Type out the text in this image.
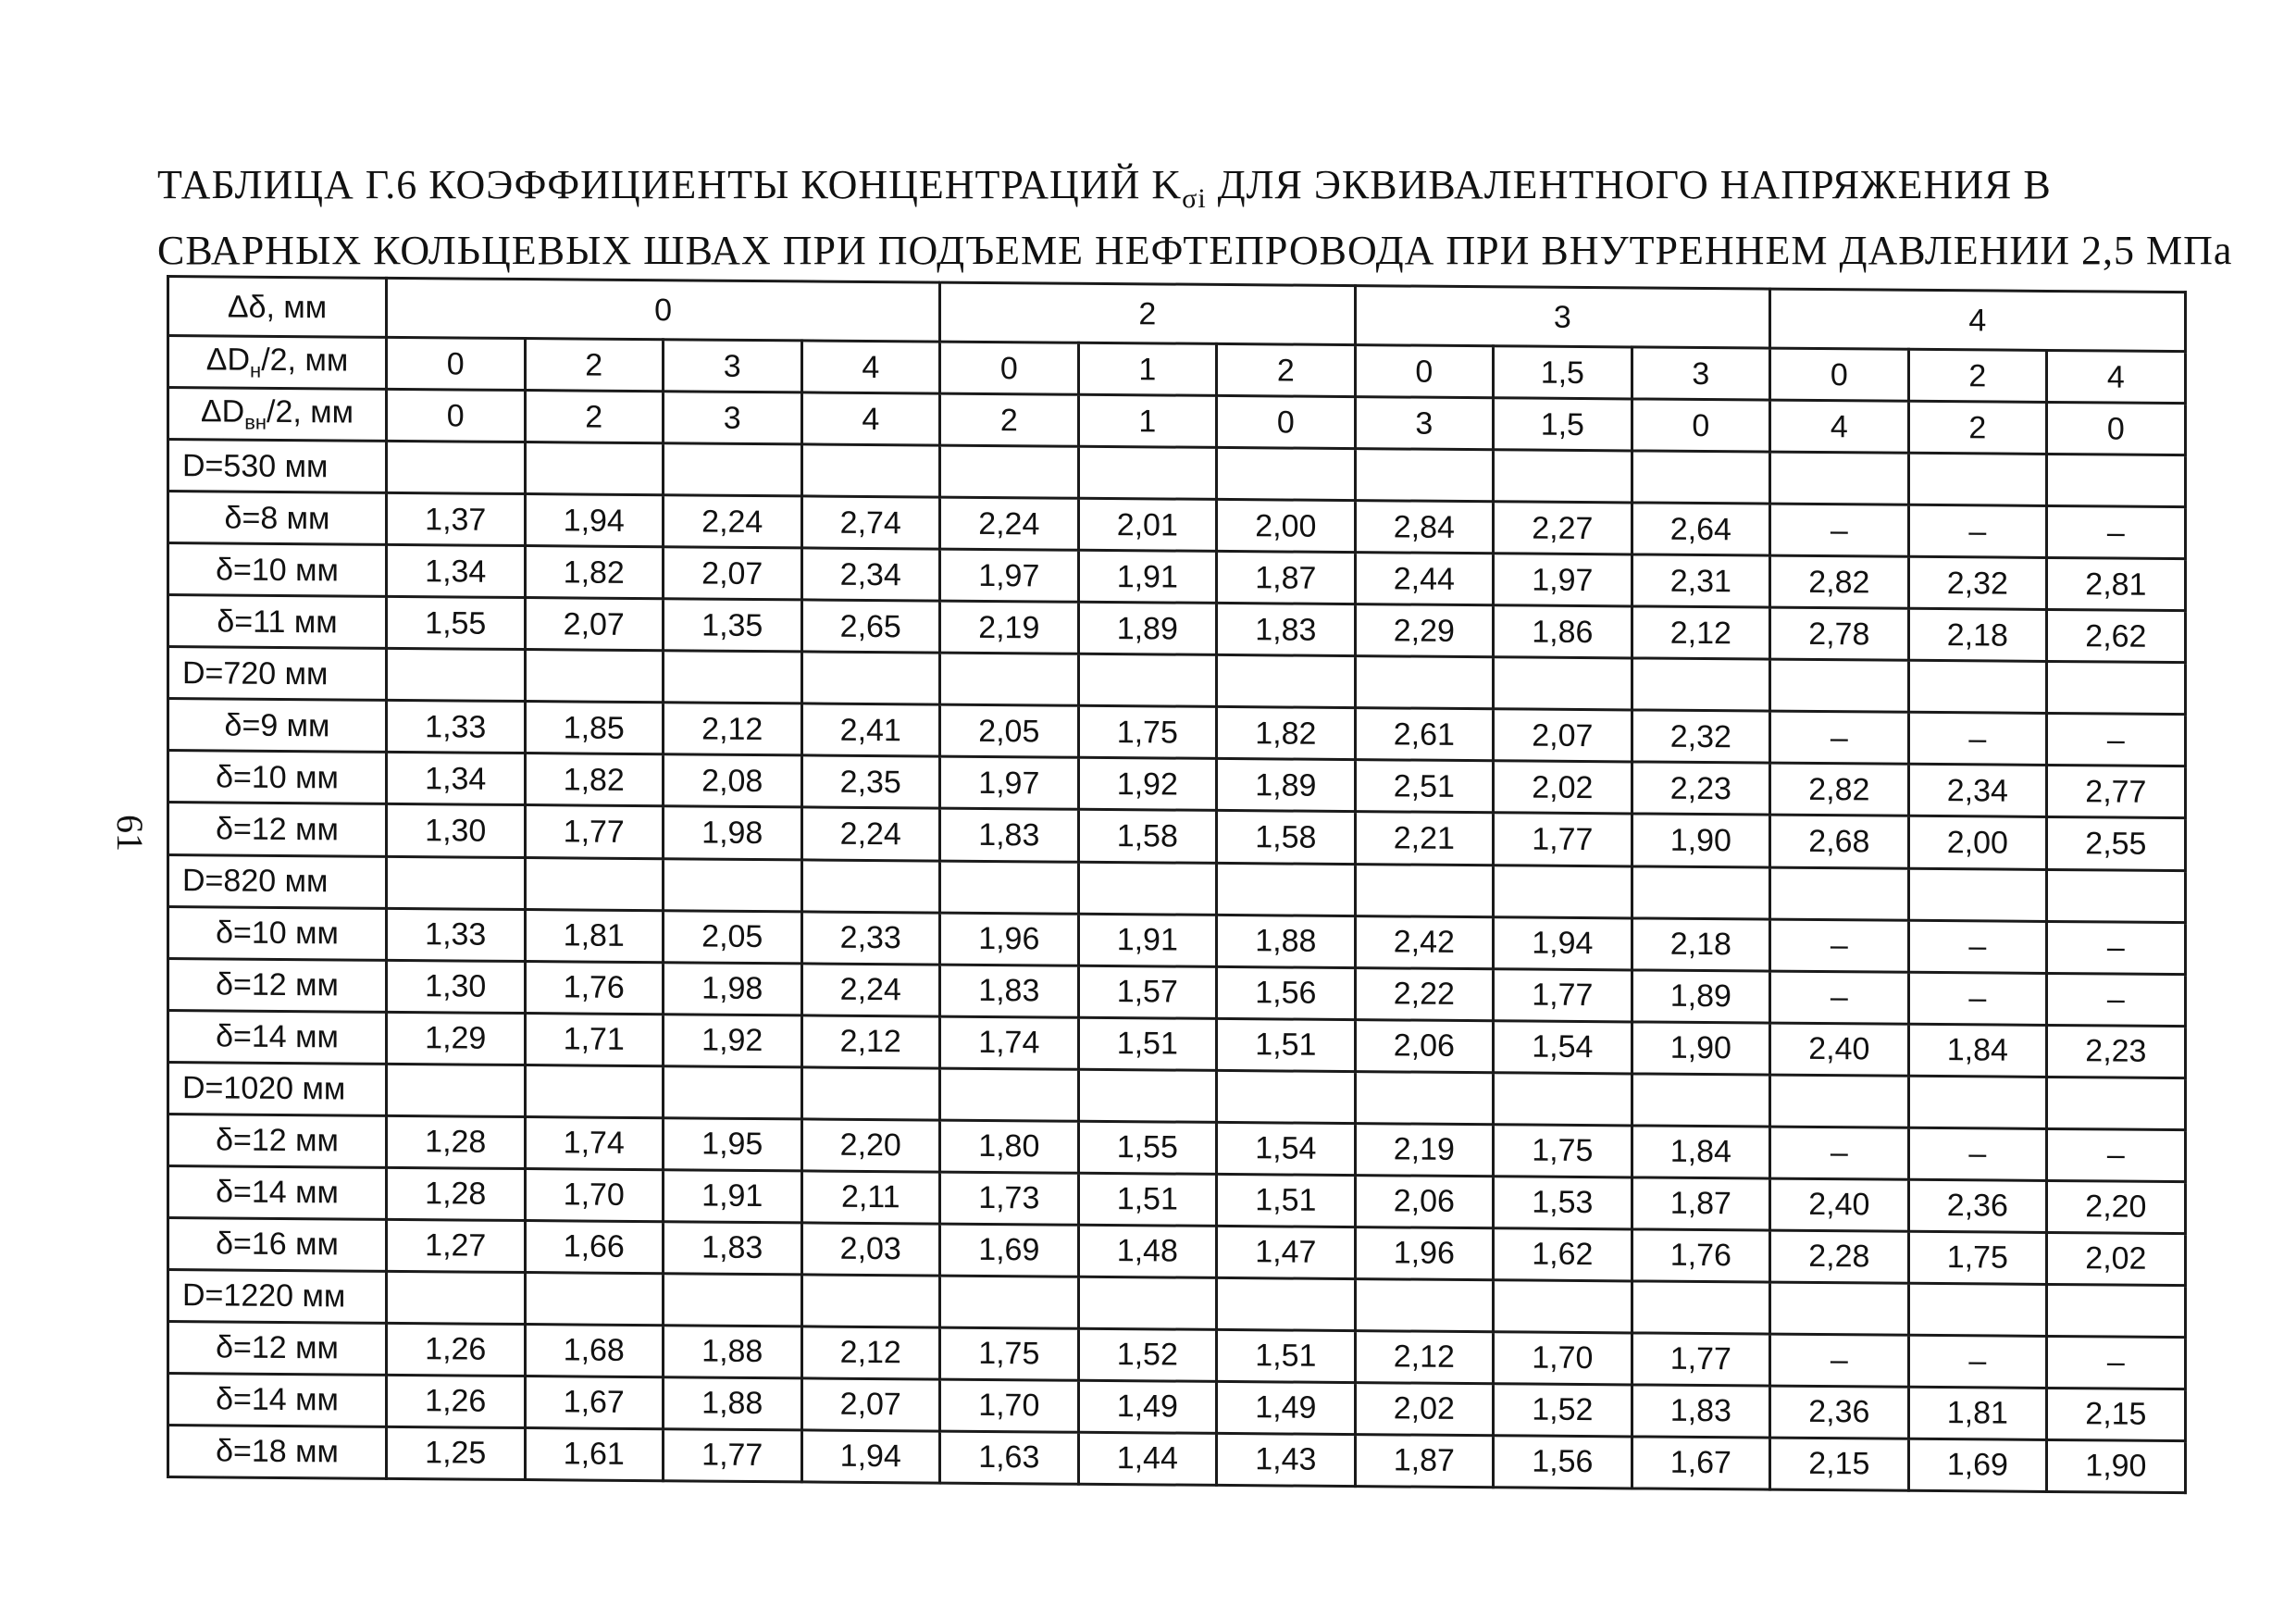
ТАБЛИЦА Г.6 КОЭФФИЦИЕНТЫ КОНЦЕНТРАЦИЙ $K_{\sigma i}$ ДЛЯ ЭКВИВАЛЕНТНОГО НАПРЯЖЕНИЯ В
СВАРНЫХ КОЛЬЦЕВЫХ ШВАХ ПРИ ПОДЪЕМЕ НЕФТЕПРОВОДА ПРИ ВНУТРЕННЕМ ДАВЛЕНИИ 2,5 МПа
61
Δδ, мм	0				2			3			4		
$\Delta D_н/2$, мм	0	2	3	4	0	1	2	0	1,5	3	0	2	4
$\Delta D_{вн}/2$, мм	0	2	3	4	2	1	0	3	1,5	0	4	2	0
D=530 мм													
δ=8 мм	1,37	1,94	2,24	2,74	2,24	2,01	2,00	2,84	2,27	2,64	–	–	–
δ=10 мм	1,34	1,82	2,07	2,34	1,97	1,91	1,87	2,44	1,97	2,31	2,82	2,32	2,81
δ=11 мм	1,55	2,07	1,35	2,65	2,19	1,89	1,83	2,29	1,86	2,12	2,78	2,18	2,62
D=720 мм													
δ=9 мм	1,33	1,85	2,12	2,41	2,05	1,75	1,82	2,61	2,07	2,32	–	–	–
δ=10 мм	1,34	1,82	2,08	2,35	1,97	1,92	1,89	2,51	2,02	2,23	2,82	2,34	2,77
δ=12 мм	1,30	1,77	1,98	2,24	1,83	1,58	1,58	2,21	1,77	1,90	2,68	2,00	2,55
D=820 мм													
δ=10 мм	1,33	1,81	2,05	2,33	1,96	1,91	1,88	2,42	1,94	2,18	–	–	–
δ=12 мм	1,30	1,76	1,98	2,24	1,83	1,57	1,56	2,22	1,77	1,89	–	–	–
δ=14 мм	1,29	1,71	1,92	2,12	1,74	1,51	1,51	2,06	1,54	1,90	2,40	1,84	2,23
D=1020 мм													
δ=12 мм	1,28	1,74	1,95	2,20	1,80	1,55	1,54	2,19	1,75	1,84	–	–	–
δ=14 мм	1,28	1,70	1,91	2,11	1,73	1,51	1,51	2,06	1,53	1,87	2,40	2,36	2,20
δ=16 мм	1,27	1,66	1,83	2,03	1,69	1,48	1,47	1,96	1,62	1,76	2,28	1,75	2,02
D=1220 мм													
δ=12 мм	1,26	1,68	1,88	2,12	1,75	1,52	1,51	2,12	1,70	1,77	–	–	–
δ=14 мм	1,26	1,67	1,88	2,07	1,70	1,49	1,49	2,02	1,52	1,83	2,36	1,81	2,15
δ=18 мм	1,25	1,61	1,77	1,94	1,63	1,44	1,43	1,87	1,56	1,67	2,15	1,69	1,90
